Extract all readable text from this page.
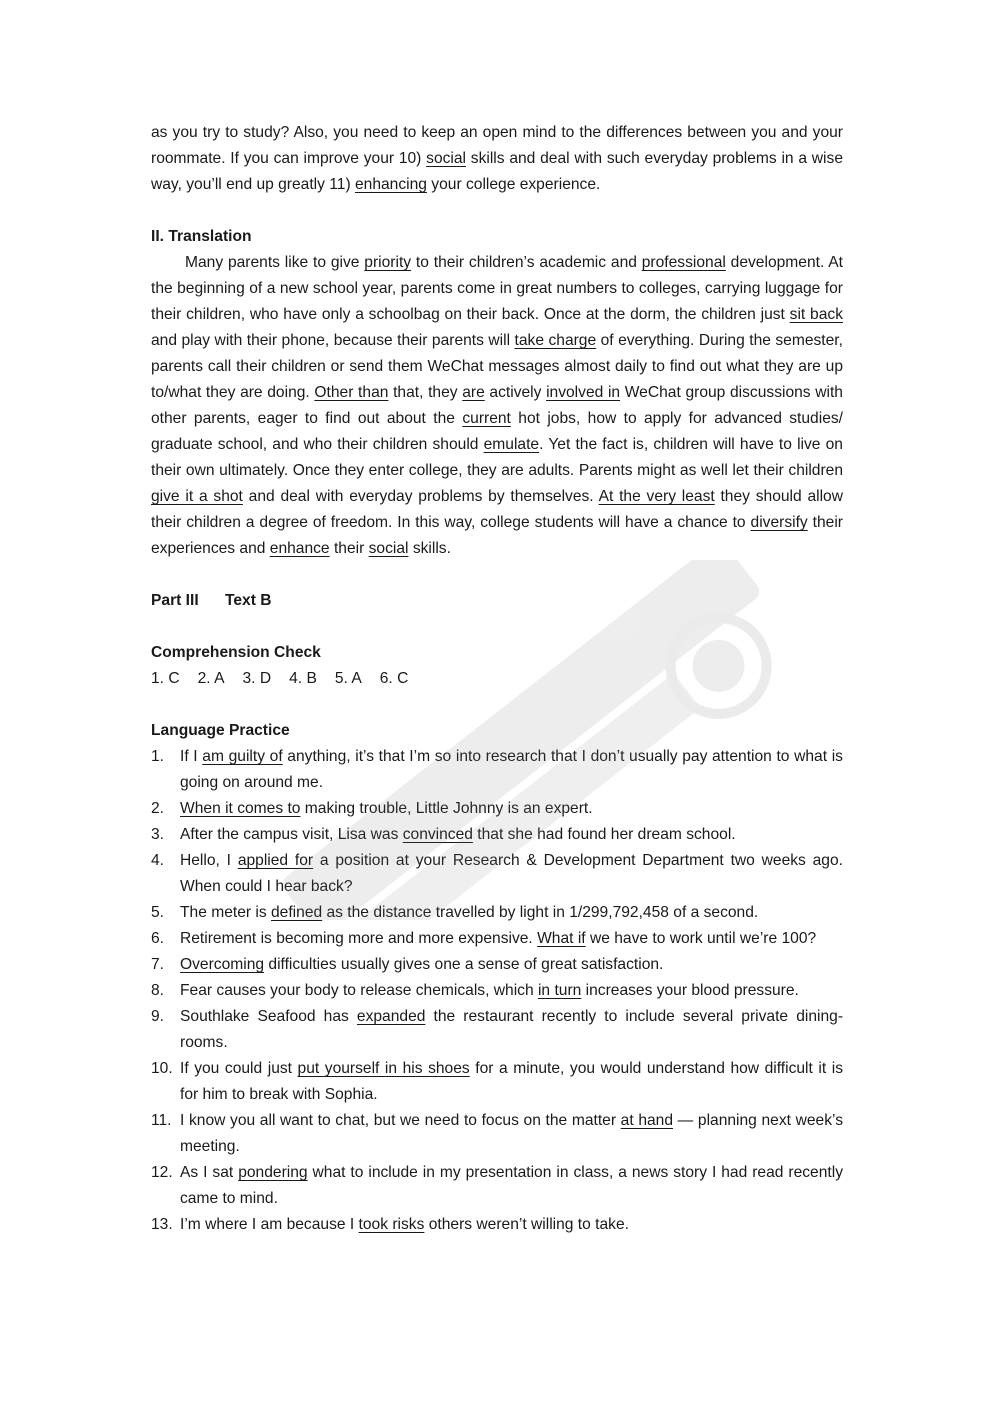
as you try to study? Also, you need to keep an open mind to the differences between you and your roommate. If you can improve your 10) social skills and deal with such everyday problems in a wise way, you’ll end up greatly 11) enhancing your college experience.

II. Translation

Many parents like to give priority to their children’s academic and professional development. At the beginning of a new school year, parents come in great numbers to colleges, carrying luggage for their children, who have only a schoolbag on their back. Once at the dorm, the children just sit back and play with their phone, because their parents will take charge of everything. During the semester, parents call their children or send them WeChat messages almost daily to find out what they are up to/what they are doing. Other than that, they are actively involved in WeChat group discussions with other parents, eager to find out about the current hot jobs, how to apply for advanced studies/ graduate school, and who their children should emulate. Yet the fact is, children will have to live on their own ultimately. Once they enter college, they are adults. Parents might as well let their children give it a shot and deal with everyday problems by themselves. At the very least they should allow their children a degree of freedom. In this way, college students will have a chance to diversify their experiences and enhance their social skills.

Part III Text B
Comprehension Check
1. C 2. A 3. D 4. B 5. A 6. C
Language Practice
1. If I am guilty of anything, it’s that I’m so into research that I don’t usually pay attention to what is going on around me.
2. When it comes to making trouble, Little Johnny is an expert.
3. After the campus visit, Lisa was convinced that she had found her dream school.
4. Hello, I applied for a position at your Research & Development Department two weeks ago. When could I hear back?
5. The meter is defined as the distance travelled by light in 1/299,792,458 of a second.
6. Retirement is becoming more and more expensive. What if we have to work until we’re 100?
7. Overcoming difficulties usually gives one a sense of great satisfaction.
8. Fear causes your body to release chemicals, which in turn increases your blood pressure.
9. Southlake Seafood has expanded the restaurant recently to include several private dining-rooms.
10. If you could just put yourself in his shoes for a minute, you would understand how difficult it is for him to break with Sophia.
11. I know you all want to chat, but we need to focus on the matter at hand — planning next week’s meeting.
12. As I sat pondering what to include in my presentation in class, a news story I had read recently came to mind.
13. I’m where I am because I took risks others weren’t willing to take.
